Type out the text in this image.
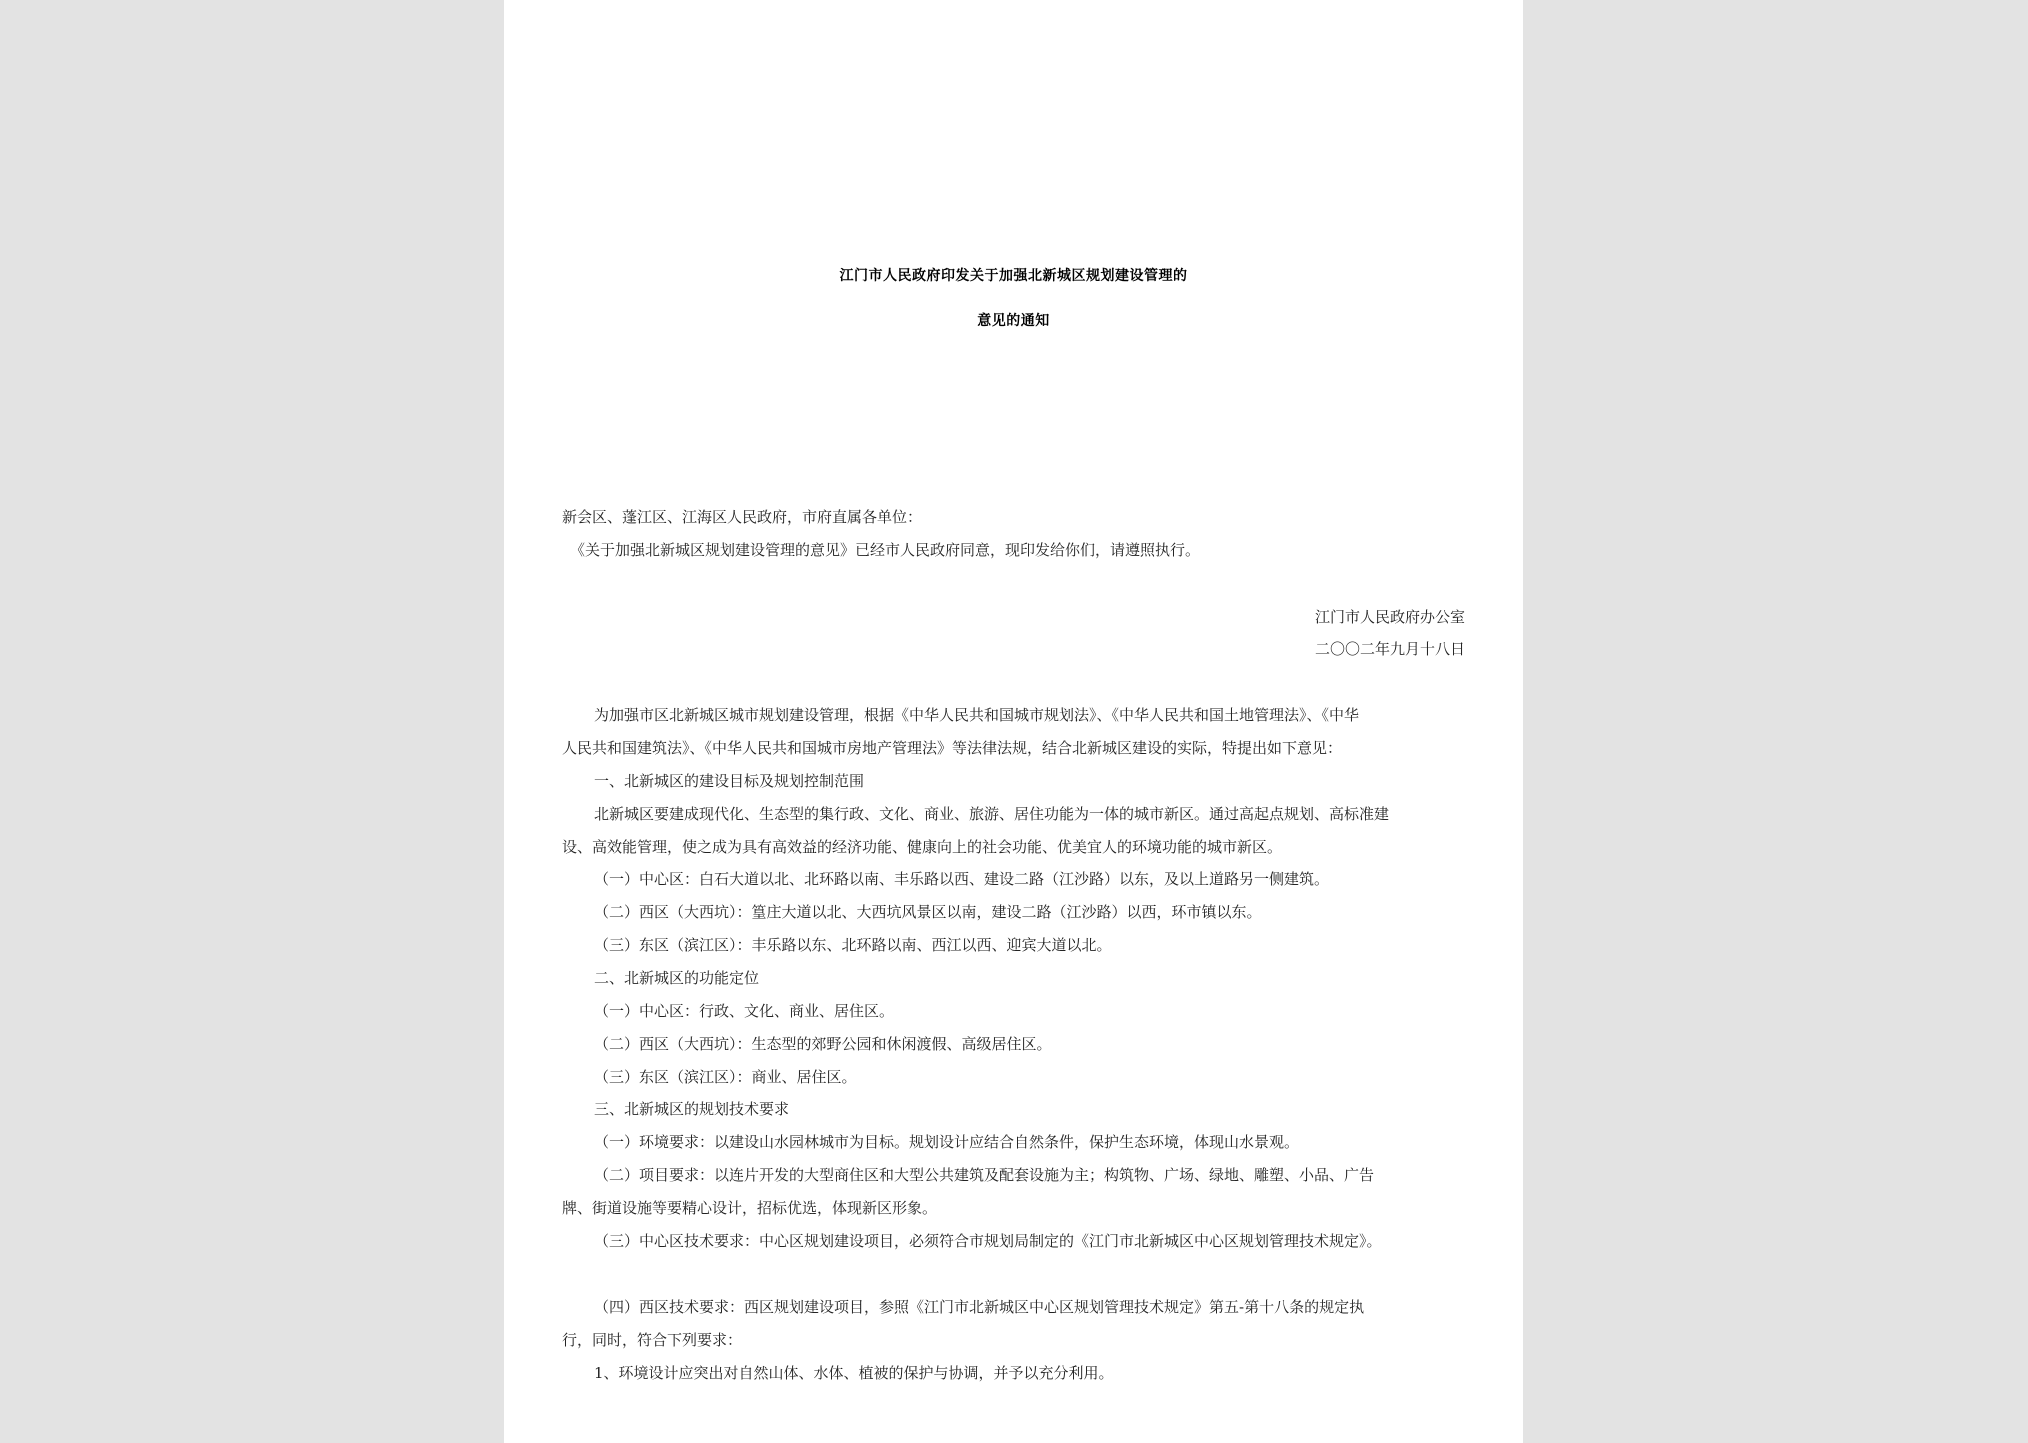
江门市人民政府印发关于加强北新城区规划建设管理的
意见的通知
新会区、蓬江区、江海区人民政府，市府直属各单位：
《关于加强北新城区规划建设管理的意见》已经市人民政府同意，现印发给你们，请遵照执行。
江门市人民政府办公室
二〇〇二年九月十八日
为加强市区北新城区城市规划建设管理，根据《中华人民共和国城市规划法》、《中华人民共和国土地管理法》、《中华
人民共和国建筑法》、《中华人民共和国城市房地产管理法》等法律法规，结合北新城区建设的实际，特提出如下意见：
一、北新城区的建设目标及规划控制范围
北新城区要建成现代化、生态型的集行政、文化、商业、旅游、居住功能为一体的城市新区。通过高起点规划、高标准建
设、高效能管理，使之成为具有高效益的经济功能、健康向上的社会功能、优美宜人的环境功能的城市新区。
（一）中心区：白石大道以北、北环路以南、丰乐路以西、建设二路（江沙路）以东，及以上道路另一侧建筑。
（二）西区（大西坑）：篁庄大道以北、大西坑风景区以南，建设二路（江沙路）以西，环市镇以东。
（三）东区（滨江区）：丰乐路以东、北环路以南、西江以西、迎宾大道以北。
二、北新城区的功能定位
（一）中心区：行政、文化、商业、居住区。
（二）西区（大西坑）：生态型的郊野公园和休闲渡假、高级居住区。
（三）东区（滨江区）：商业、居住区。
三、北新城区的规划技术要求
（一）环境要求：以建设山水园林城市为目标。规划设计应结合自然条件，保护生态环境，体现山水景观。
（二）项目要求：以连片开发的大型商住区和大型公共建筑及配套设施为主；构筑物、广场、绿地、雕塑、小品、广告
牌、街道设施等要精心设计，招标优选，体现新区形象。
（三）中心区技术要求：中心区规划建设项目，必须符合市规划局制定的《江门市北新城区中心区规划管理技术规定》。
（四）西区技术要求：西区规划建设项目，参照《江门市北新城区中心区规划管理技术规定》第五-第十八条的规定执
行，同时，符合下列要求：
1、环境设计应突出对自然山体、水体、植被的保护与协调，并予以充分利用。
